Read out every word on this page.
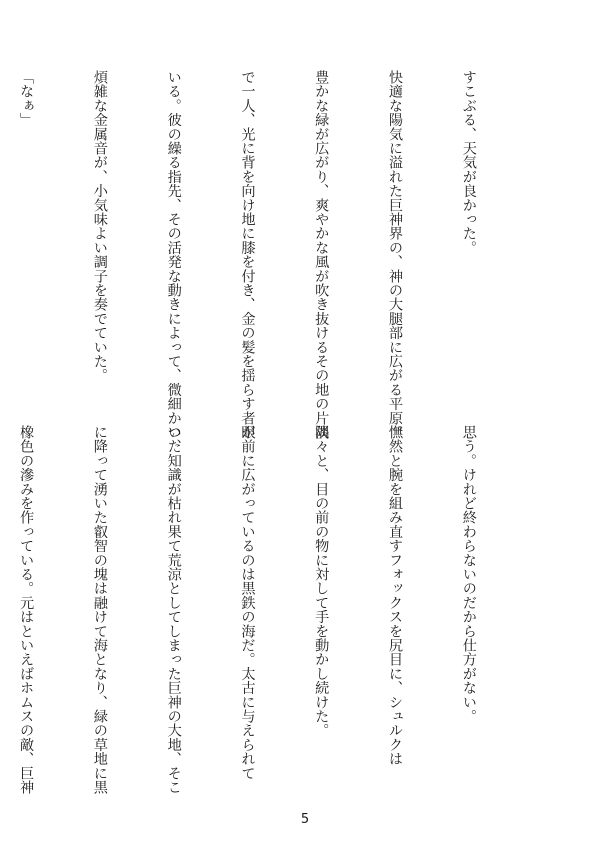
すこぶる、天気が良かった。

快適な陽気に溢れた巨神界の、神の大腿部に広がる平原。

豊かな緑が広がり、爽やかな風が吹き抜けるその地の片隅

で一人、光に背を向け地に膝を付き、金の髪を揺らす者が

いる。彼の繰る指先、その活発な動きによって、微細かつ、

煩雑な金属音が、小気味よい調子を奏でていた。

「なぁ」

思う。けれど終わらないのだから仕方がない。

憮然と腕を組み直すフォックスを尻目に、シュルクは

淡々と、目の前の物に対して手を動かし続けた。

眼前に広がっているのは黒鉄の海だ。太古に与えられて

いた知識が枯れ果て荒涼としてしまった巨神の大地、そこ

に降って湧いた叡智の塊は融けて海となり、緑の草地に黒

橡色の滲みを作っている。元はといえばホムスの敵、巨神

5
